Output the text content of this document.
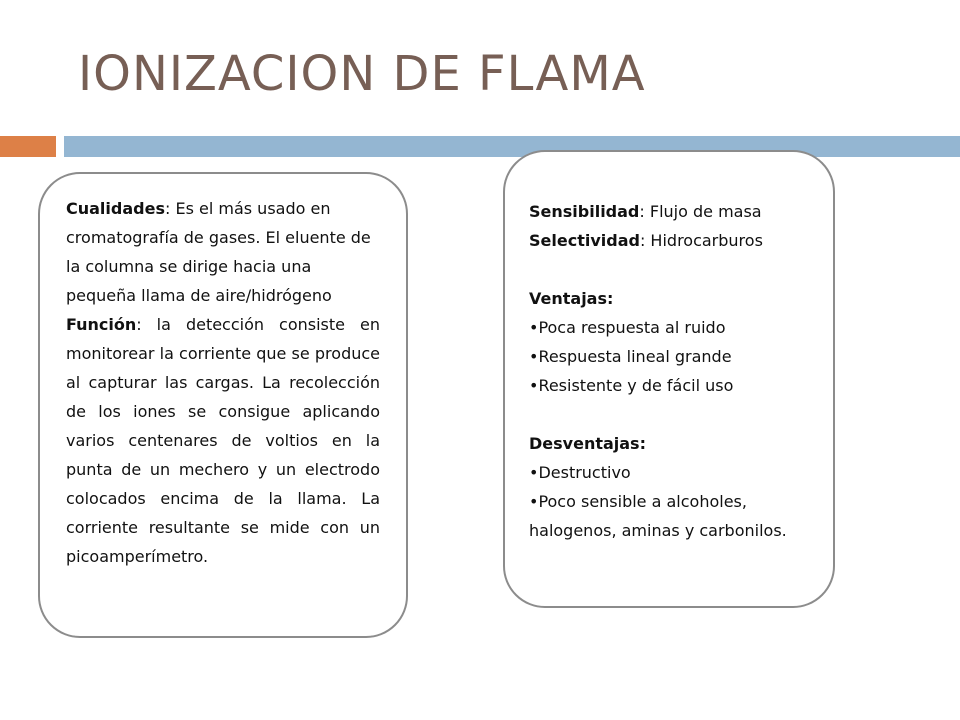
IONIZACION DE FLAMA

Cualidades: Es el más usado en cromatografía de gases. El eluente de la columna se dirige hacia una pequeña llama de aire/hidrógeno

Función: la detección consiste en monitorear la corriente que se produce al capturar las cargas. La recolección de los iones se consigue aplicando varios centenares de voltios en la punta de un mechero y un electrodo colocados encima de la llama. La corriente resultante se mide con un picoamperímetro.

Sensibilidad: Flujo de masa
Selectividad: Hidrocarburos
Ventajas:
• Poca respuesta al ruido
• Respuesta lineal grande
• Resistente y de fácil uso
Desventajas:
• Destructivo
• Poco sensible a alcoholes, halogenos, aminas y carbonilos.
